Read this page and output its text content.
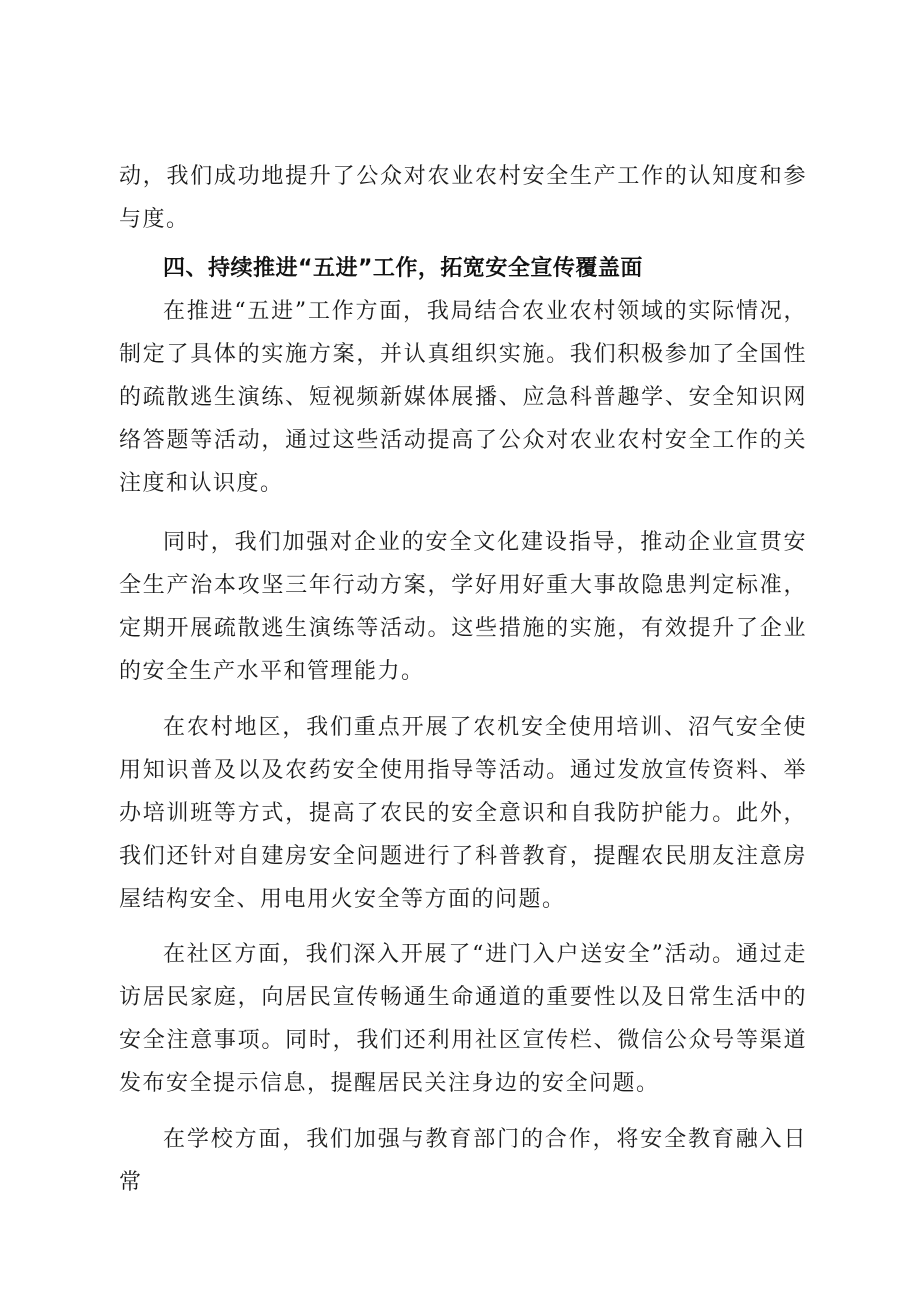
动，我们成功地提升了公众对农业农村安全生产工作的认知度和参与度。
四、持续推进“五进”工作，拓宽安全宣传覆盖面
在推进“五进”工作方面，我局结合农业农村领域的实际情况，制定了具体的实施方案，并认真组织实施。我们积极参加了全国性的疏散逃生演练、短视频新媒体展播、应急科普趣学、安全知识网络答题等活动，通过这些活动提高了公众对农业农村安全工作的关注度和认识度。
同时，我们加强对企业的安全文化建设指导，推动企业宣贯安全生产治本攻坚三年行动方案，学好用好重大事故隐患判定标准，定期开展疏散逃生演练等活动。这些措施的实施，有效提升了企业的安全生产水平和管理能力。
在农村地区，我们重点开展了农机安全使用培训、沼气安全使用知识普及以及农药安全使用指导等活动。通过发放宣传资料、举办培训班等方式，提高了农民的安全意识和自我防护能力。此外，我们还针对自建房安全问题进行了科普教育，提醒农民朋友注意房屋结构安全、用电用火安全等方面的问题。
在社区方面，我们深入开展了“进门入户送安全”活动。通过走访居民家庭，向居民宣传畅通生命通道的重要性以及日常生活中的安全注意事项。同时，我们还利用社区宣传栏、微信公众号等渠道发布安全提示信息，提醒居民关注身边的安全问题。
在学校方面，我们加强与教育部门的合作，将安全教育融入日常
